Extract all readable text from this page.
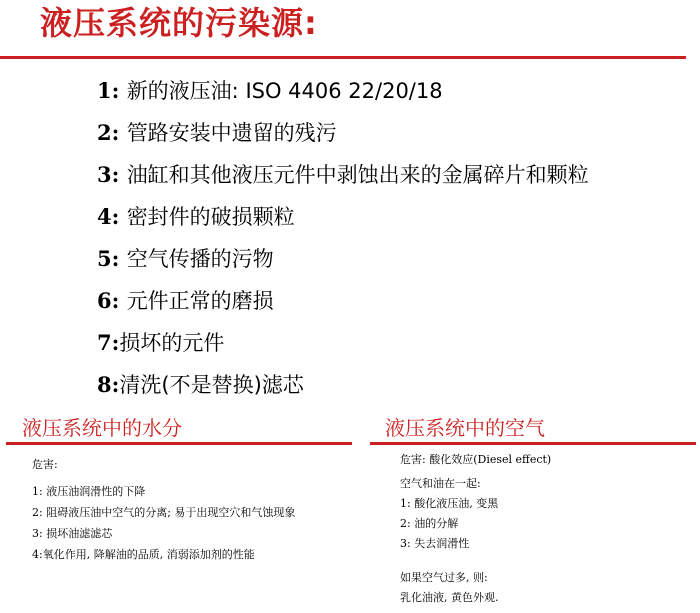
液压系统的污染源:
1: 新的液压油: ISO 4406 22/20/18
2: 管路安装中遗留的残污
3: 油缸和其他液压元件中剥蚀出来的金属碎片和颗粒
4: 密封件的破损颗粒
5: 空气传播的污物
6: 元件正常的磨损
7:损坏的元件
8:清洗(不是替换)滤芯
液压系统中的水分
危害:
1: 液压油润滑性的下降
2: 阻碍液压油中空气的分离; 易于出现空穴和气蚀现象
3: 损坏油滤滤芯
4:氧化作用, 降解油的品质, 消弱添加剂的性能
液压系统中的空气
危害: 酸化效应(Diesel effect)
空气和油在一起:
1: 酸化液压油, 变黑
2: 油的分解
3: 失去润滑性
如果空气过多, 则:
乳化油液, 黄色外观.
